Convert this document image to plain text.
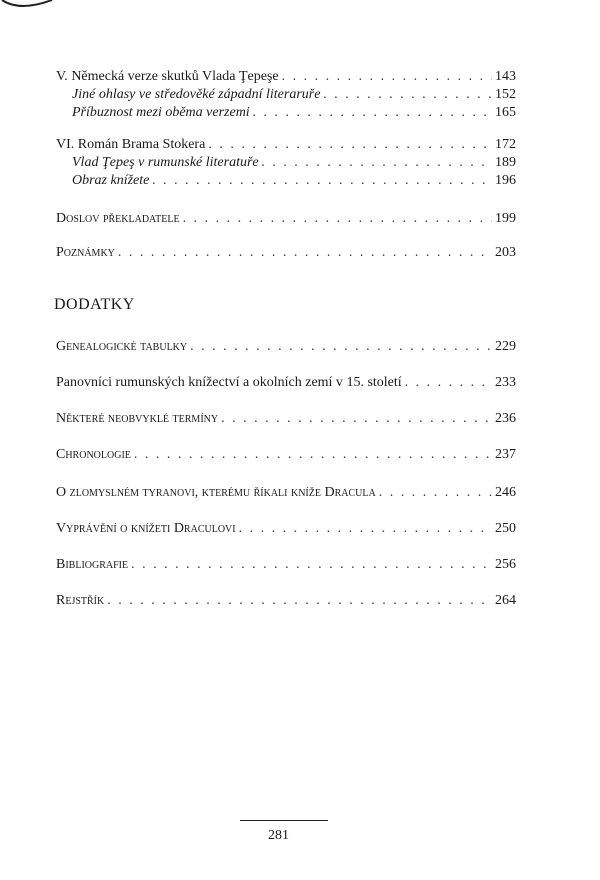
V. Německá verze skutků Vlada Ţepeşe . . .	143
Jiné ohlasy ve středověké západní literaruře . . .	152
Příbuznost mezi oběma verzemi . . .	165
VI. Román Brama Stokera . . .	172
Vlad Ţepeş v rumunské literatuře . . .	189
Obraz knížete . . .	196
Doslov překladatele . . .	199
Poznámky . . .	203
DODATKY
Genealogické tabulky . . .	229
Panovníci rumunských knížectví a okolních zemí v 15. století . . .	233
Některé neobvyklé termíny . . .	236
Chronologie . . .	237
O zlomyslném tyranovi, kterému říkali kníže Dracula . . .	246
Vyprávění o knížeti Draculovi . . .	250
Bibliografie . . .	256
Rejstřík . . .	264
281
